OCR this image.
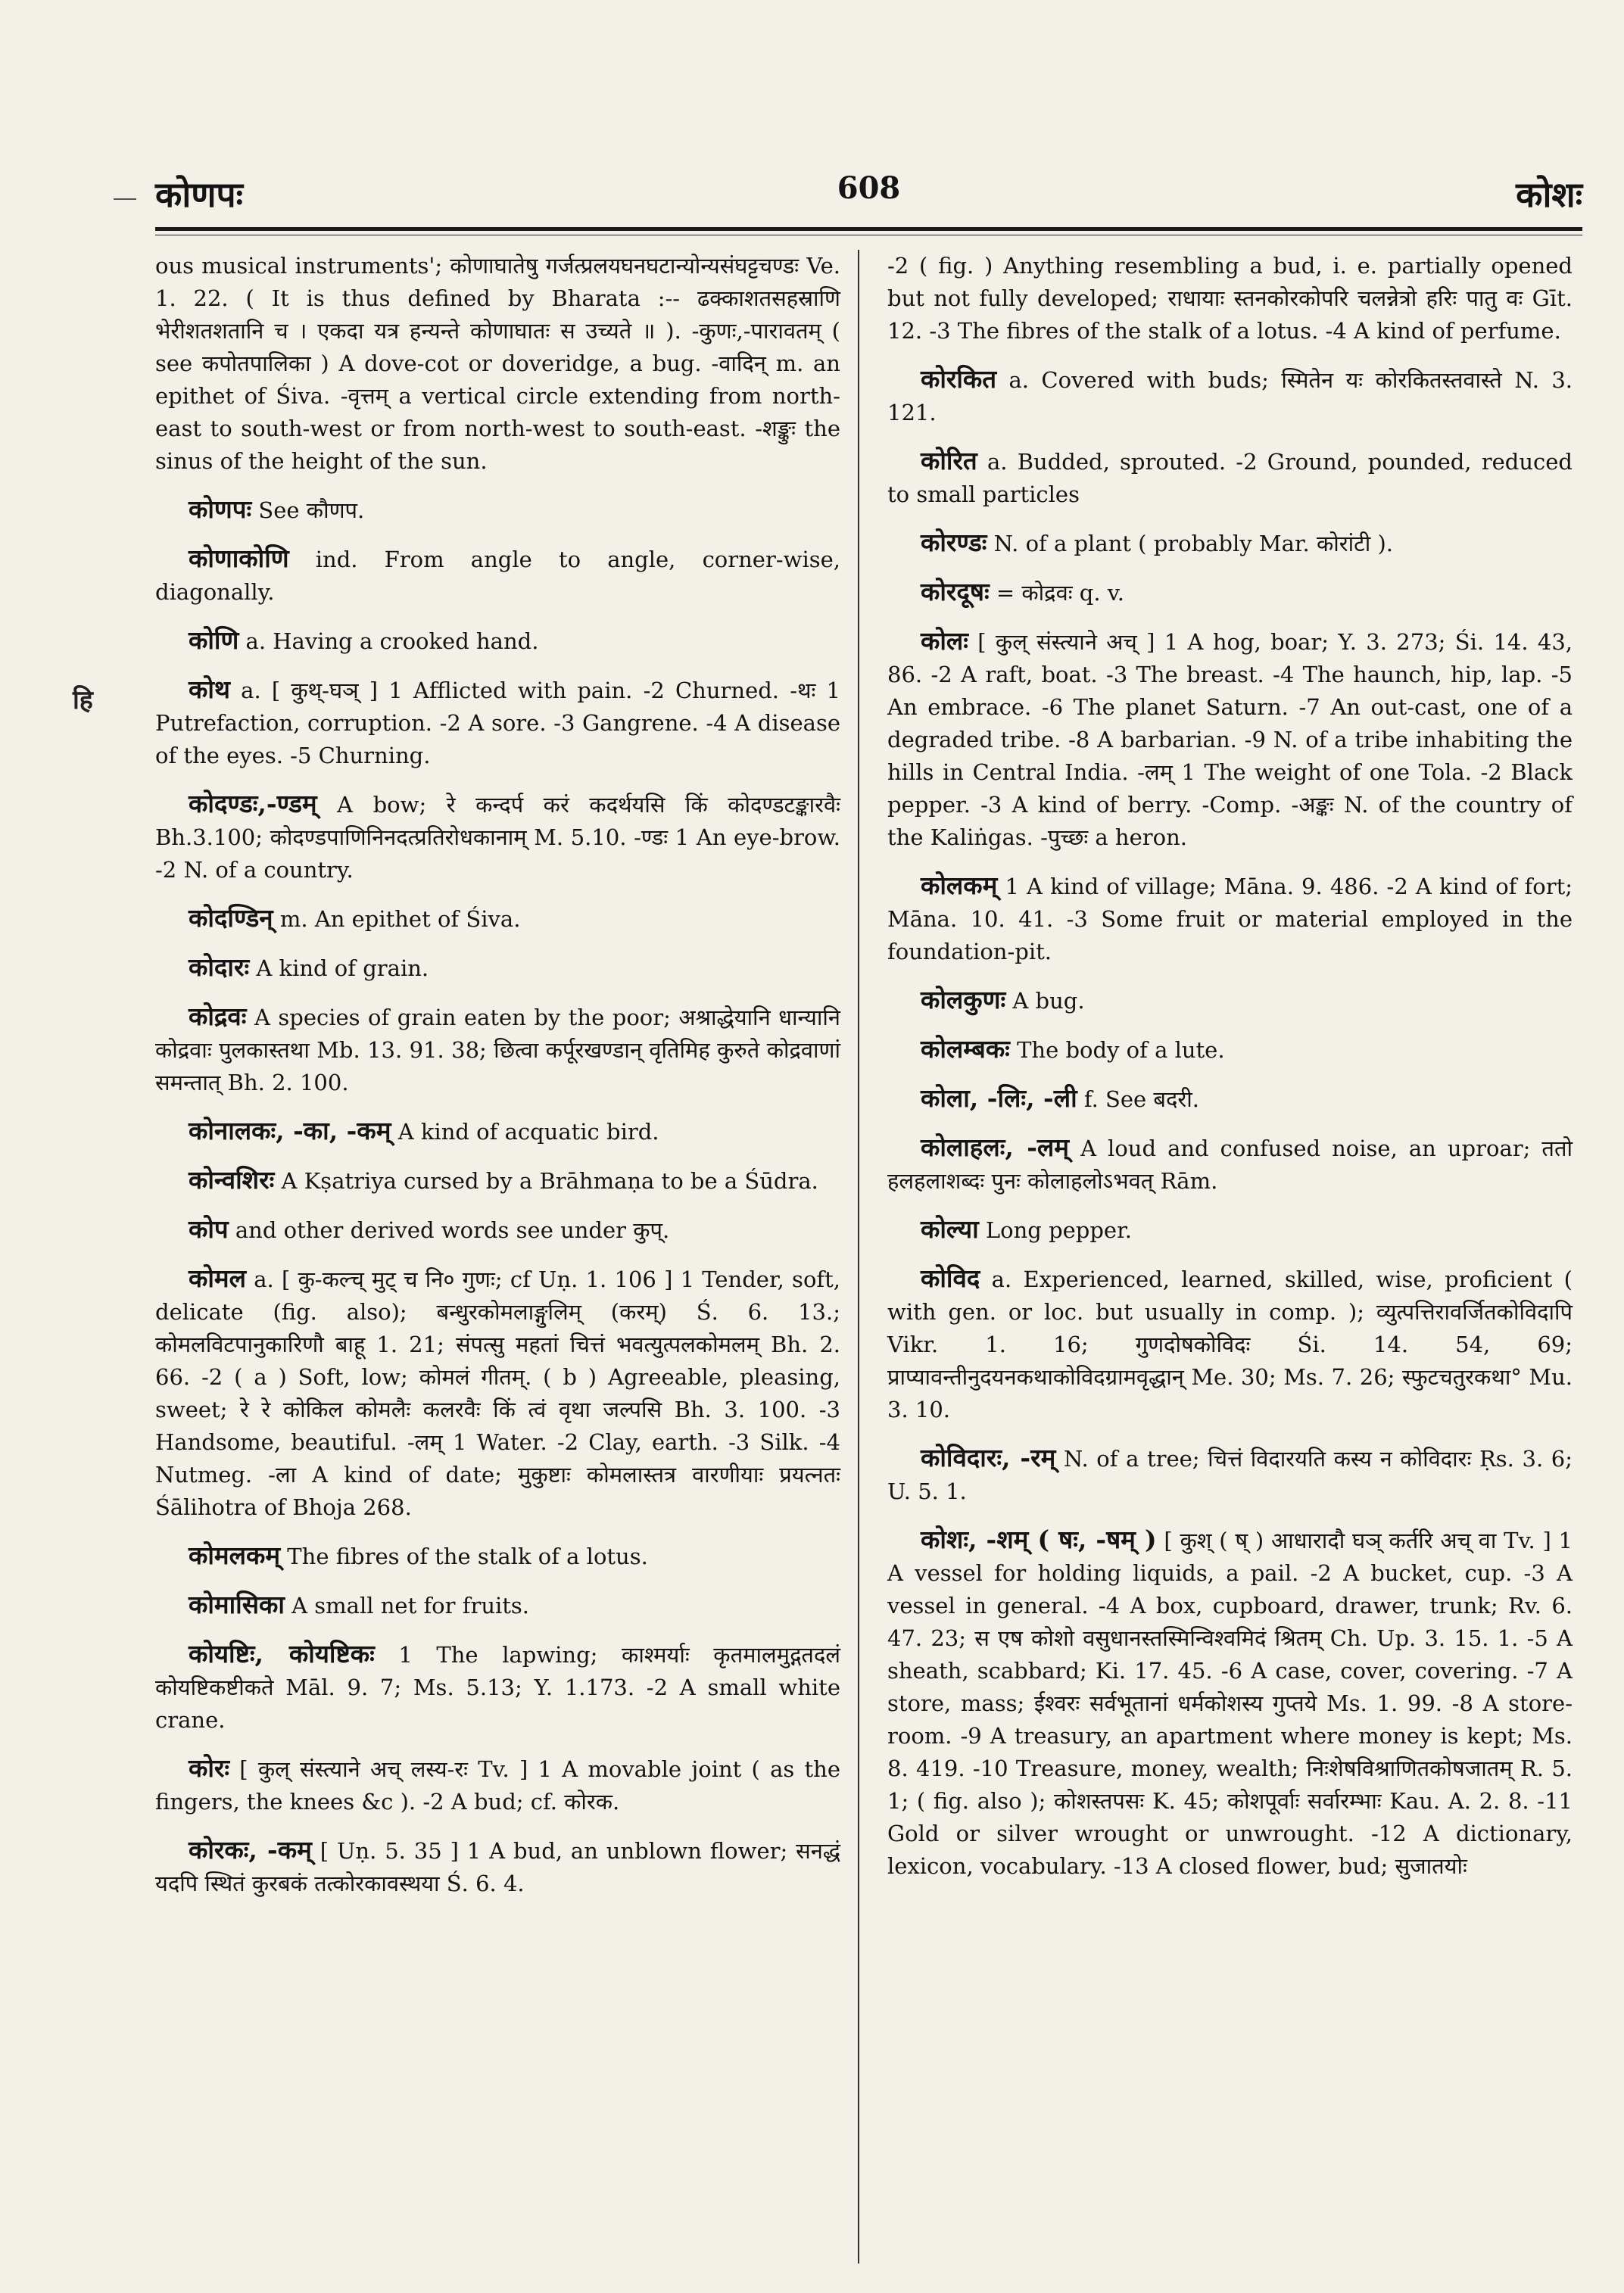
कोणपः	608	कोशः
हि
ous musical instruments'; कोणाघातेषु गर्जत्प्रलयघनघटान्योन्यसंघट्टचण्डः Ve. 1. 22. ( It is thus defined by Bharata :-- ढक्काशतसहस्राणि भेरीशतशतानि च । एकदा यत्र हन्यन्ते कोणाघातः स उच्यते ॥ ). -कुणः,-पारावतम् ( see कपोतपालिका ) A dove-cot or doveridge, a bug. -वादिन् m. an epithet of Śiva. -वृत्तम् a vertical circle extending from north-east to south-west or from north-west to south-east. -शङ्कुः the sinus of the height of the sun.
कोणपः See कौणप.
कोणाकोणि ind. From angle to angle, corner-wise, diagonally.
कोणि a. Having a crooked hand.
कोथ a. [ कुथ्-घञ् ] 1 Afflicted with pain. -2 Churned. -थः 1 Putrefaction, corruption. -2 A sore. -3 Gangrene. -4 A disease of the eyes. -5 Churning.
कोदण्डः,-ण्डम् A bow; रे कन्दर्प करं कदर्थयसि किं कोदण्डटङ्कारवैः Bh.3.100; कोदण्डपाणिनिनदत्प्रतिरोधकानाम् M. 5.10. -ण्डः 1 An eye-brow. -2 N. of a country.
कोदण्डिन् m. An epithet of Śiva.
कोदारः A kind of grain.
कोद्रवः A species of grain eaten by the poor; अश्राद्धेयानि धान्यानि कोद्रवाः पुलकास्तथा Mb. 13. 91. 38; छित्वा कर्पूरखण्डान् वृतिमिह कुरुते कोद्रवाणां समन्तात् Bh. 2. 100.
कोनालकः, -का, -कम् A kind of acquatic bird.
कोन्वशिरः A Kṣatriya cursed by a Brāhmaṇa to be a Śūdra.
कोप and other derived words see under कुप्.
कोमल a. [ कु-कल्च् मुट् च नि० गुणः; cf Uṇ. 1. 106 ] 1 Tender, soft, delicate (fig. also); बन्धुरकोमलाङ्गुलिम् (करम्) Ś. 6. 13.; कोमलविटपानुकारिणौ बाहू 1. 21; संपत्सु महतां चित्तं भवत्युत्पलकोमलम् Bh. 2. 66. -2 ( a ) Soft, low; कोमलं गीतम्. ( b ) Agreeable, pleasing, sweet; रे रे कोकिल कोमलैः कलरवैः किं त्वं वृथा जल्पसि Bh. 3. 100. -3 Handsome, beautiful. -लम् 1 Water. -2 Clay, earth. -3 Silk. -4 Nutmeg. -ला A kind of date; मुकुष्टाः कोमलास्तत्र वारणीयाः प्रयत्नतः Śālihotra of Bhoja 268.
कोमलकम् The fibres of the stalk of a lotus.
कोमासिका A small net for fruits.
कोयष्टिः, कोयष्टिकः 1 The lapwing; काश्मर्याः कृतमालमुद्गतदलं कोयष्टिकष्टीकते Māl. 9. 7; Ms. 5.13; Y. 1.173. -2 A small white crane.
कोरः [ कुल् संस्त्याने अच् लस्य-रः Tv. ] 1 A movable joint ( as the fingers, the knees &c ). -2 A bud; cf. कोरक.
कोरकः, -कम् [ Uṇ. 5. 35 ] 1 A bud, an unblown flower; सनद्धं यदपि स्थितं कुरबकं तत्कोरकावस्थया Ś. 6. 4.
-2 ( fig. ) Anything resembling a bud, i. e. partially opened but not fully developed; राधायाः स्तनकोरकोपरि चलन्नेत्रो हरिः पातु वः Gīt. 12. -3 The fibres of the stalk of a lotus. -4 A kind of perfume.
कोरकित a. Covered with buds; स्मितेन यः कोरकितस्तवास्ते N. 3. 121.
कोरित a. Budded, sprouted. -2 Ground, pounded, reduced to small particles
कोरण्डः N. of a plant ( probably Mar. कोरांटी ).
कोरदूषः = कोद्रवः q. v.
कोलः [ कुल् संस्त्याने अच् ] 1 A hog, boar; Y. 3. 273; Śi. 14. 43, 86. -2 A raft, boat. -3 The breast. -4 The haunch, hip, lap. -5 An embrace. -6 The planet Saturn. -7 An out-cast, one of a degraded tribe. -8 A barbarian. -9 N. of a tribe inhabiting the hills in Central India. -लम् 1 The weight of one Tola. -2 Black pepper. -3 A kind of berry. -Comp. -अङ्कः N. of the country of the Kaliṅgas. -पुच्छः a heron.
कोलकम् 1 A kind of village; Māna. 9. 486. -2 A kind of fort; Māna. 10. 41. -3 Some fruit or material employed in the foundation-pit.
कोलकुणः A bug.
कोलम्बकः The body of a lute.
कोला, -लिः, -ली f. See बदरी.
कोलाहलः, -लम् A loud and confused noise, an uproar; ततो हलहलाशब्दः पुनः कोलाहलोऽभवत् Rām.
कोल्या Long pepper.
कोविद a. Experienced, learned, skilled, wise, proficient ( with gen. or loc. but usually in comp. ); व्युत्पत्तिरावर्जितकोविदापि Vikr. 1. 16; गुणदोषकोविदः Śi. 14. 54, 69; प्राप्यावन्तीनुदयनकथाकोविदग्रामवृद्धान् Me. 30; Ms. 7. 26; स्फुटचतुरकथा° Mu. 3. 10.
कोविदारः, -रम् N. of a tree; चित्तं विदारयति कस्य न कोविदारः Ṛs. 3. 6; U. 5. 1.
कोशः, -शम् ( षः, -षम् ) [ कुश् ( ष् ) आधारादौ घञ् कर्तरि अच् वा Tv. ] 1 A vessel for holding liquids, a pail. -2 A bucket, cup. -3 A vessel in general. -4 A box, cupboard, drawer, trunk; Rv. 6. 47. 23; स एष कोशो वसुधानस्तस्मिन्विश्वमिदं श्रितम् Ch. Up. 3. 15. 1. -5 A sheath, scabbard; Ki. 17. 45. -6 A case, cover, covering. -7 A store, mass; ईश्वरः सर्वभूतानां धर्मकोशस्य गुप्तये Ms. 1. 99. -8 A store-room. -9 A treasury, an apartment where money is kept; Ms. 8. 419. -10 Treasure, money, wealth; निःशेषविश्राणितकोषजातम् R. 5. 1; ( fig. also ); कोशस्तपसः K. 45; कोशपूर्वाः सर्वारम्भाः Kau. A. 2. 8. -11 Gold or silver wrought or unwrought. -12 A dictionary, lexicon, vocabulary. -13 A closed flower, bud; सुजातयोः
